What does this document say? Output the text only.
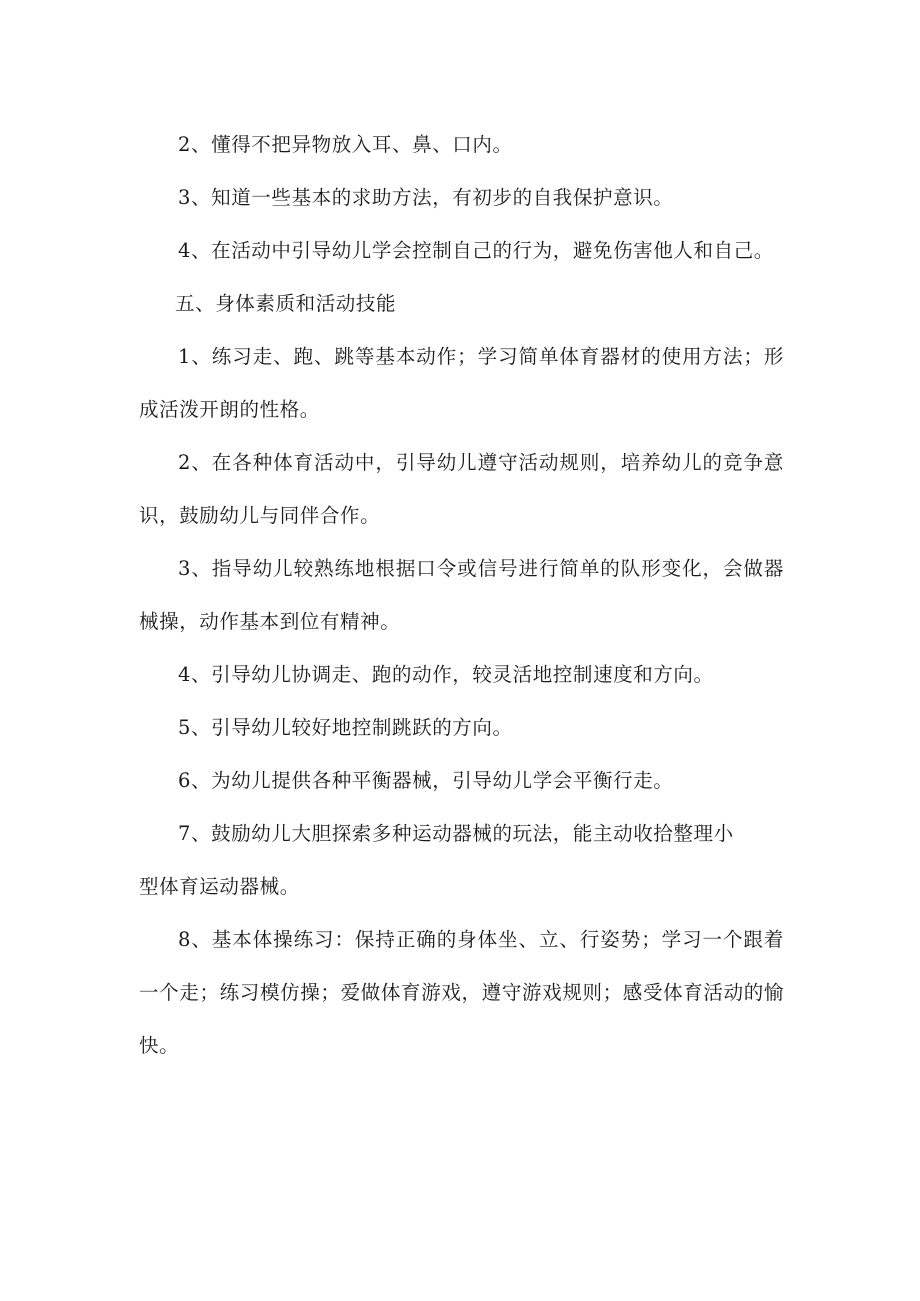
2、懂得不把异物放入耳、鼻、口内。

3、知道一些基本的求助方法，有初步的自我保护意识。

4、在活动中引导幼儿学会控制自己的行为，避免伤害他人和自己。

五、身体素质和活动技能

1、练习走、跑、跳等基本动作；学习简单体育器材的使用方法；形成活泼开朗的性格。

2、在各种体育活动中，引导幼儿遵守活动规则，培养幼儿的竞争意识，鼓励幼儿与同伴合作。

3、指导幼儿较熟练地根据口令或信号进行简单的队形变化，会做器械操，动作基本到位有精神。

4、引导幼儿协调走、跑的动作，较灵活地控制速度和方向。

5、引导幼儿较好地控制跳跃的方向。

6、为幼儿提供各种平衡器械，引导幼儿学会平衡行走。

7、鼓励幼儿大胆探索多种运动器械的玩法，能主动收拾整理小

型体育运动器械。

8、基本体操练习：保持正确的身体坐、立、行姿势；学习一个跟着一个走；练习模仿操；爱做体育游戏，遵守游戏规则；感受体育活动的愉快。
